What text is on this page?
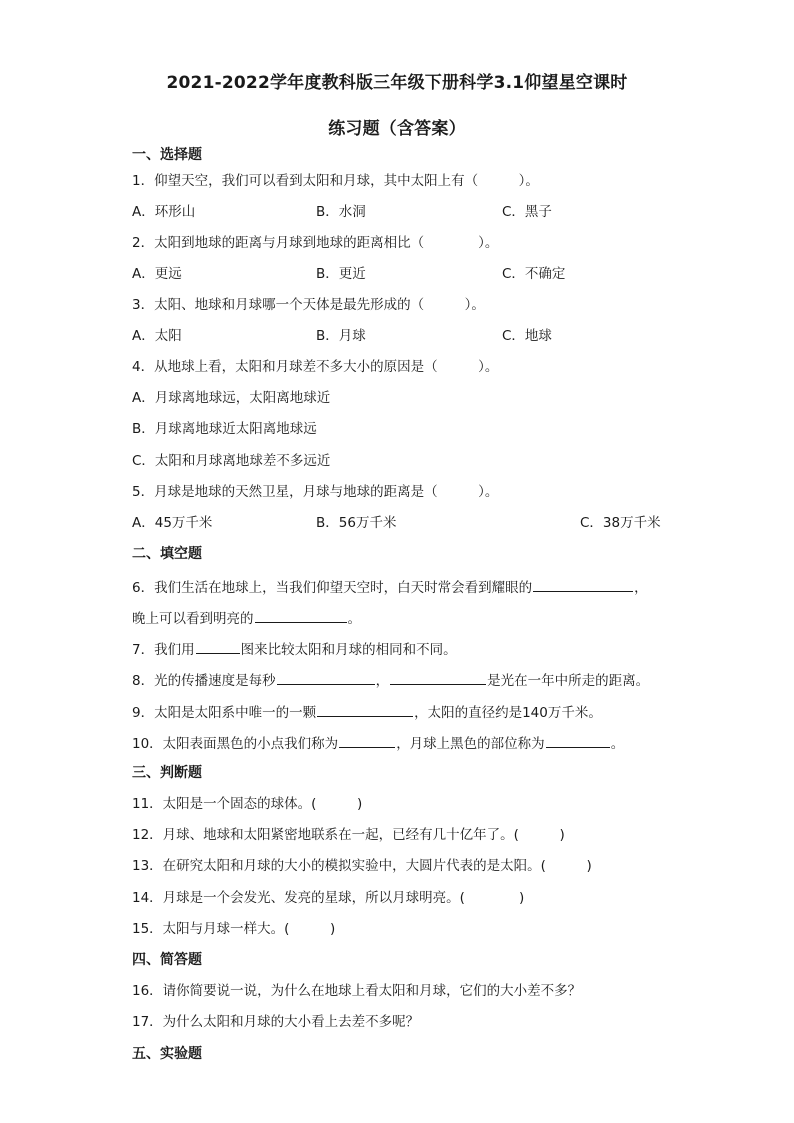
2021-2022学年度教科版三年级下册科学3.1仰望星空课时
练习题（含答案）
一、选择题
1．仰望天空，我们可以看到太阳和月球，其中太阳上有（　　　）。
A．环形山	B．水洞	C．黑子
2．太阳到地球的距离与月球到地球的距离相比（　　　　）。
A．更远	B．更近	C．不确定
3．太阳、地球和月球哪一个天体是最先形成的（　　　）。
A．太阳	B．月球	C．地球
4．从地球上看，太阳和月球差不多大小的原因是（　　　）。
A．月球离地球远，太阳离地球近
B．月球离地球近太阳离地球远
C．太阳和月球离地球差不多远近
5．月球是地球的天然卫星，月球与地球的距离是（　　　）。
A．45万千米	B．56万千米	C．38万千米
二、填空题
6．我们生活在地球上，当我们仰望天空时，白天时常会看到耀眼的	，
晚上可以看到明亮的	。
7．我们用	图来比较太阳和月球的相同和不同。
8．光的传播速度是每秒	，	是光在一年中所走的距离。
9．太阳是太阳系中唯一的一颗	，太阳的直径约是140万千米。
10．太阳表面黑色的小点我们称为	，月球上黑色的部位称为	。
三、判断题
11．太阳是一个固态的球体。(　　　)
12．月球、地球和太阳紧密地联系在一起，已经有几十亿年了。(　　　)
13．在研究太阳和月球的大小的模拟实验中，大圆片代表的是太阳。(　　　)
14．月球是一个会发光、发亮的星球，所以月球明亮。(　　　　)
15．太阳与月球一样大。(　　　)
四、简答题
16．请你简要说一说，为什么在地球上看太阳和月球，它们的大小差不多？
17．为什么太阳和月球的大小看上去差不多呢？
五、实验题
